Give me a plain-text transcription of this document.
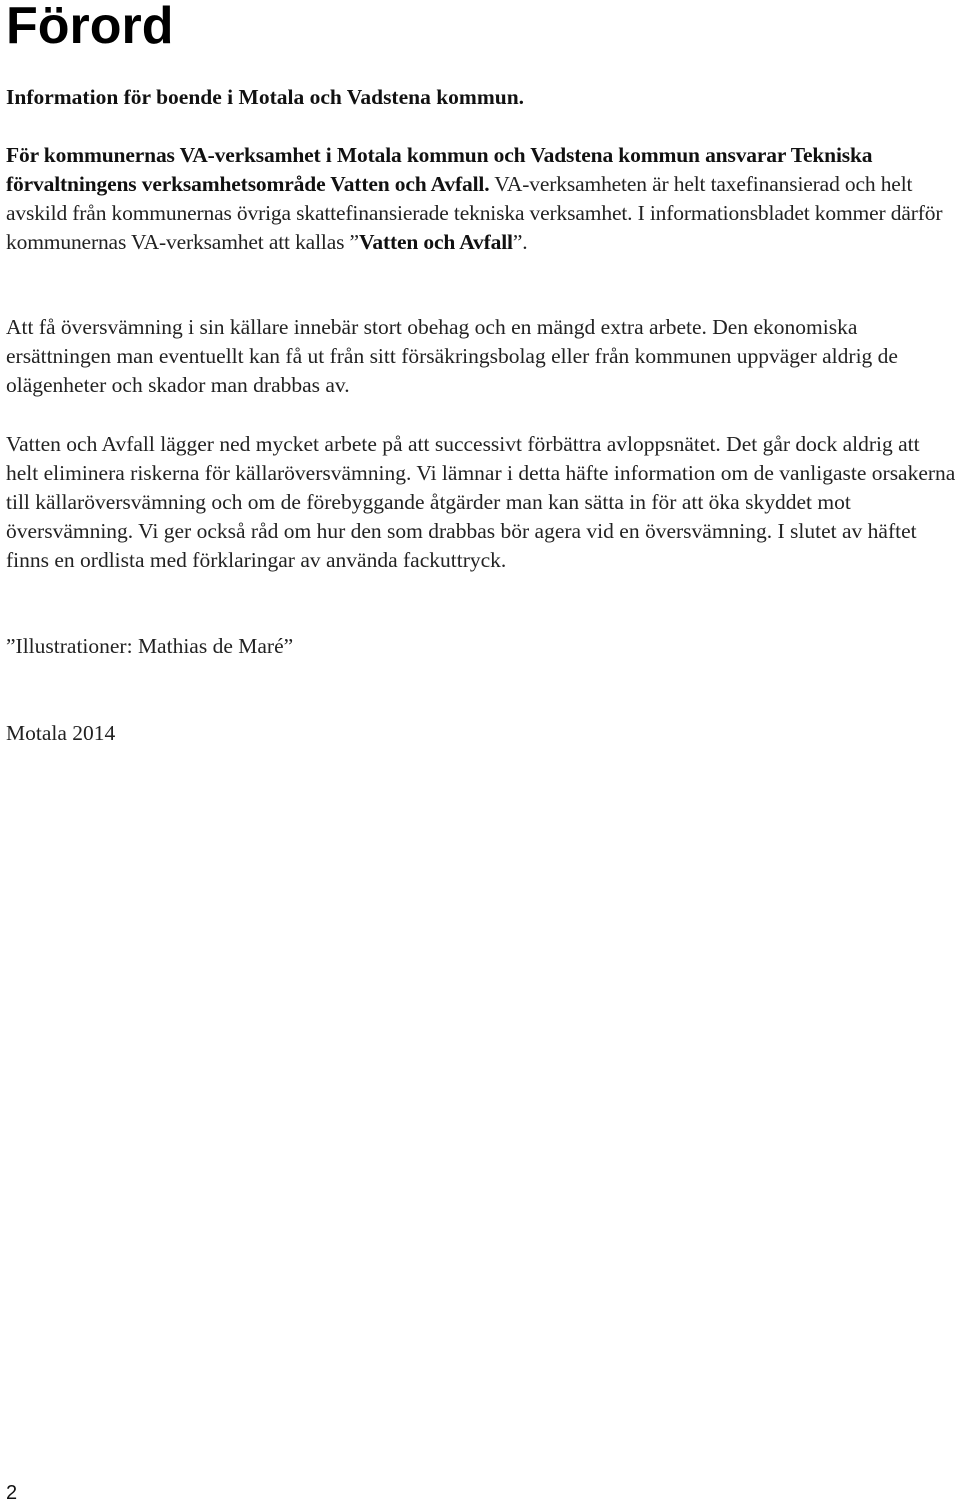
Förord

Information för boende i Motala och Vadstena kommun.

För kommunernas VA-verksamhet i Motala kommun och Vadstena kommun ansvarar Tekniska förvaltningens verksamhetsområde Vatten och Avfall. VA-verksamheten är helt taxefinansierad och helt avskild från kommunernas övriga skattefinansierade tekniska verksamhet. I informationsbladet kommer därför kommunernas VA-verksamhet att kallas ”Vatten och Avfall”.

Att få översvämning i sin källare innebär stort obehag och en mängd extra arbete. Den ekonomiska ersättningen man eventuellt kan få ut från sitt försäkringsbolag eller från kommunen uppväger aldrig de olägenheter och skador man drabbas av.

Vatten och Avfall lägger ned mycket arbete på att successivt förbättra avloppsnätet. Det går dock aldrig att helt eliminera riskerna för källaröversvämning. Vi lämnar i detta häfte information om de vanligaste orsakerna till källaröversvämning och om de förebyggande åtgärder man kan sätta in för att öka skyddet mot översvämning. Vi ger också råd om hur den som drabbas bör agera vid en översvämning. I slutet av häftet finns en ordlista med förklaringar av använda fackuttryck.

”Illustrationer: Mathias de Maré”

Motala 2014

2
